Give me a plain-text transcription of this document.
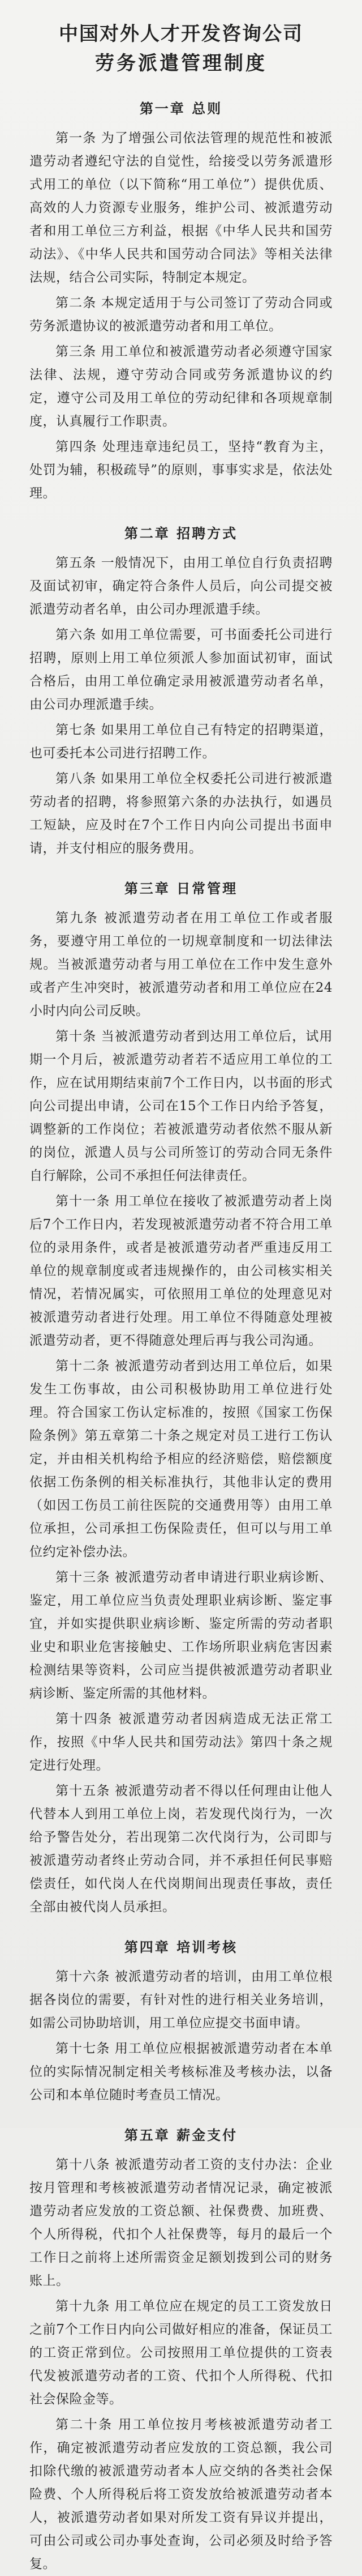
中国对外人才开发咨询公司
劳务派遣管理制度
第一章 总则

第一条 为了增强公司依法管理的规范性和被派遣劳动者遵纪守法的自觉性，给接受以劳务派遣形式用工的单位（以下简称“用工单位”）提供优质、高效的人力资源专业服务，维护公司、被派遣劳动者和用工单位三方利益，根据《中华人民共和国劳动法》、《中华人民共和国劳动合同法》等相关法律法规，结合公司实际，特制定本规定。

第二条 本规定适用于与公司签订了劳动合同或劳务派遣协议的被派遣劳动者和用工单位。

第三条 用工单位和被派遣劳动者必须遵守国家法律、法规，遵守劳动合同或劳务派遣协议的约定，遵守公司及用工单位的劳动纪律和各项规章制度，认真履行工作职责。

第四条 处理违章违纪员工，坚持“教育为主，处罚为辅，积极疏导”的原则，事事实求是，依法处理。

第二章 招聘方式

第五条 一般情况下，由用工单位自行负责招聘及面试初审，确定符合条件人员后，向公司提交被派遣劳动者名单，由公司办理派遣手续。

第六条 如用工单位需要，可书面委托公司进行招聘，原则上用工单位须派人参加面试初审，面试合格后，由用工单位确定录用被派遣劳动者名单，由公司办理派遣手续。

第七条 如果用工单位自己有特定的招聘渠道，也可委托本公司进行招聘工作。

第八条 如果用工单位全权委托公司进行被派遣劳动者的招聘，将参照第六条的办法执行，如遇员工短缺，应及时在7个工作日内向公司提出书面申请，并支付相应的服务费用。

第三章 日常管理

第九条 被派遣劳动者在用工单位工作或者服务，要遵守用工单位的一切规章制度和一切法律法规。当被派遣劳动者与用工单位在工作中发生意外或者产生冲突时，被派遣劳动者和用工单位应在24小时内向公司反映。

第十条 当被派遣劳动者到达用工单位后，试用期一个月后，被派遣劳动者若不适应用工单位的工作，应在试用期结束前7个工作日内，以书面的形式向公司提出申请，公司在15个工作日内给予答复，调整新的工作岗位；若被派遣劳动者依然不服从新的岗位，派遣人员与公司所签订的劳动合同无条件自行解除，公司不承担任何法律责任。

第十一条 用工单位在接收了被派遣劳动者上岗后7个工作日内，若发现被派遣劳动者不符合用工单位的录用条件，或者是被派遣劳动者严重违反用工单位的规章制度或者违规操作的，由公司核实相关情况，若情况属实，可依照用工单位的处理意见对被派遣劳动者进行处理。用工单位不得随意处理被派遣劳动者，更不得随意处理后再与我公司沟通。

第十二条 被派遣劳动者到达用工单位后，如果发生工伤事故，由公司积极协助用工单位进行处理。符合国家工伤认定标准的，按照《国家工伤保险条例》第五章第二十条之规定对员工进行工伤认定，并由相关机构给予相应的经济赔偿，赔偿额度依据工伤条例的相关标准执行，其他非认定的费用（如因工伤员工前往医院的交通费用等）由用工单位承担，公司承担工伤保险责任，但可以与用工单位约定补偿办法。

第十三条 被派遣劳动者申请进行职业病诊断、鉴定，用工单位应当负责处理职业病诊断、鉴定事宜，并如实提供职业病诊断、鉴定所需的劳动者职业史和职业危害接触史、工作场所职业病危害因素检测结果等资料，公司应当提供被派遣劳动者职业病诊断、鉴定所需的其他材料。

第十四条 被派遣劳动者因病造成无法正常工作，按照《中华人民共和国劳动法》第四十条之规定进行处理。

第十五条 被派遣劳动者不得以任何理由让他人代替本人到用工单位上岗，若发现代岗行为，一次给予警告处分，若出现第二次代岗行为，公司即与被派遣劳动者终止劳动合同，并不承担任何民事赔偿责任，如代岗人在代岗期间出现责任事故，责任全部由被代岗人员承担。

第四章 培训考核

第十六条 被派遣劳动者的培训，由用工单位根据各岗位的需要，有针对性的进行相关业务培训，如需公司协助培训，用工单位应提交书面申请。

第十七条 用工单位应根据被派遣劳动者在本单位的实际情况制定相关考核标准及考核办法，以备公司和本单位随时考查员工情况。

第五章 薪金支付

第十八条 被派遣劳动者工资的支付办法：企业按月管理和考核被派遣劳动者情况记录，确定被派遣劳动者应发放的工资总额、社保费费、加班费、个人所得税，代扣个人社保费等，每月的最后一个工作日之前将上述所需资金足额划拨到公司的财务账上。

第十九条 用工单位应在规定的员工工资发放日之前7个工作日内向公司做好相应的准备，保证员工的工资正常到位。公司按照用工单位提供的工资表代发被派遣劳动者的工资、代扣个人所得税、代扣社会保险金等。

第二十条 用工单位按月考核被派遣劳动者工作，确定被派遣劳动者应发放的工资总额，我公司扣除代缴的被派遣劳动者本人应交纳的各类社会保险费、个人所得税后将工资发放给被派遣劳动者本人，被派遣劳动者如果对所发工资有异议并提出，可由公司或公司办事处查询，公司必须及时给予答复。
